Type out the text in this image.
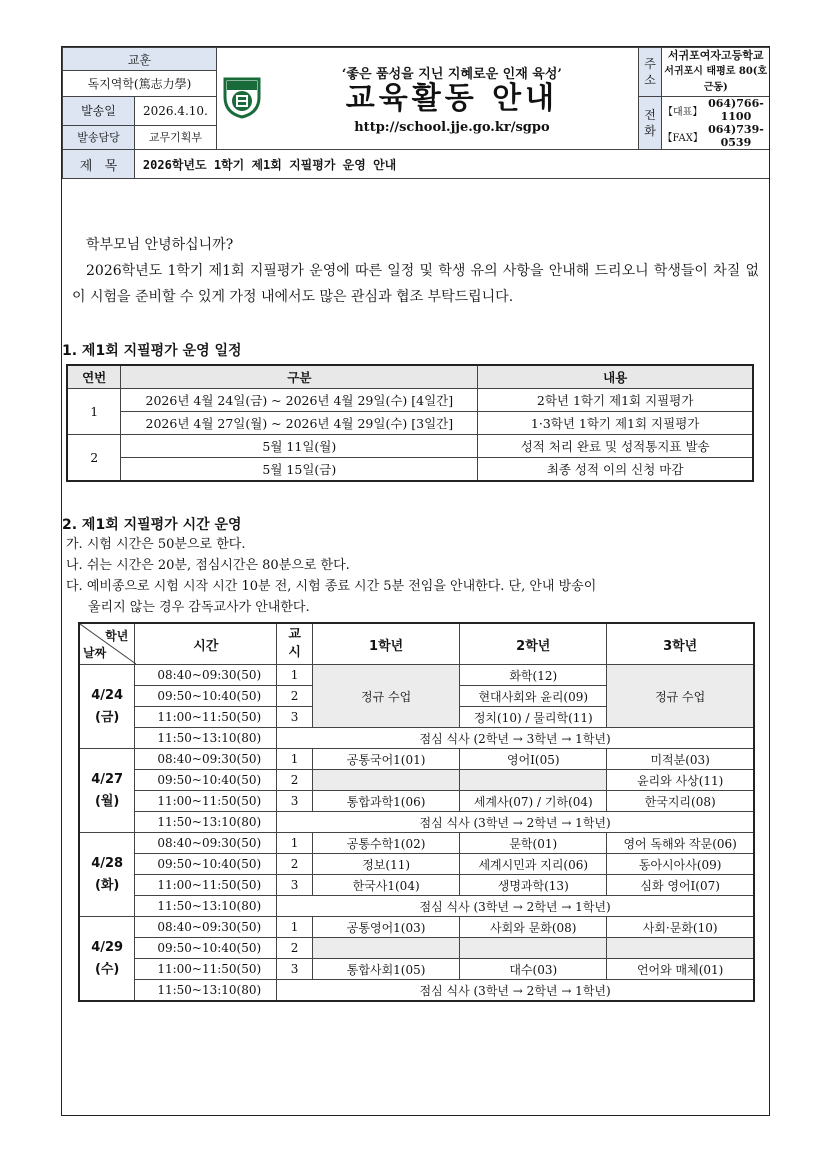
교훈		
‘좋은 품성을 지닌 지혜로운 인재 육성’
교육활동 안내
http://school.jje.go.kr/sgpo
	주 소	
서귀포여자고등학교
서귀포시 태평로 80(호근동)

독지역학(篤志力學)
발송일	2026.4.10.	전 화	
【대표】	064)766-1100
【FAX】	064)739-0539

발송담당	교무기획부
제   목	2026학년도 1학기 제1회 지필평가 운영 안내

학부모님 안녕하십니까?

2026학년도 1학기 제1회 지필평가 운영에 따른 일정 및 학생 유의 사항을 안내해 드리오니 학생들이 차질 없이 시험을 준비할 수 있게 가정 내에서도 많은 관심과 협조 부탁드립니다.

1. 제1회 지필평가 운영 일정
연번	구분	내용
1	2026년 4월 24일(금) ~ 2026년 4월 29일(수) [4일간]	2학년 1학기 제1회 지필평가
	2026년 4월 27일(월) ~ 2026년 4월 29일(수) [3일간]	1·3학년 1학기 제1회 지필평가
2	5월 11일(월)	성적 처리 완료 및 성적통지표 발송
	5월 15일(금)	최종 성적 이의 신청 마감
2. 제1회 지필평가 시간 운영

가. 시험 시간은 50분으로 한다.

나. 쉬는 시간은 20분, 점심시간은 80분으로 한다.

다. 예비종으로 시험 시작 시간 10분 전, 시험 종료 시간 5분 전임을 안내한다. 단, 안내 방송이

울리지 않는 경우 감독교사가 안내한다.

학년
날짜	시간	교시	1학년	2학년	3학년

4/24
(금)	08:40~09:30(50)	1	정규 수업	화학(12)	정규 수업
	09:50~10:40(50)	2		현대사회와 윤리(09)	
	11:00~11:50(50)	3		정치(10) / 물리학(11)	
	11:50~13:10(80)	점심 식사 (2학년 → 3학년 → 1학년)			

4/27
(월)	08:40~09:30(50)	1	공통국어1(01)	영어Ⅰ(05)	미적분(03)
	09:50~10:40(50)	2			윤리와 사상(11)
	11:00~11:50(50)	3	통합과학1(06)	세계사(07) / 기하(04)	한국지리(08)
	11:50~13:10(80)	점심 식사 (3학년 → 2학년 → 1학년)			

4/28
(화)	08:40~09:30(50)	1	공통수학1(02)	문학(01)	영어 독해와 작문(06)
	09:50~10:40(50)	2	정보(11)	세계시민과 지리(06)	동아시아사(09)
	11:00~11:50(50)	3	한국사1(04)	생명과학(13)	심화 영어Ⅰ(07)
	11:50~13:10(80)	점심 식사 (3학년 → 2학년 → 1학년)			

4/29
(수)	08:40~09:30(50)	1	공통영어1(03)	사회와 문화(08)	사회·문화(10)
	09:50~10:40(50)	2			
	11:00~11:50(50)	3	통합사회1(05)	대수(03)	언어와 매체(01)
	11:50~13:10(80)	점심 식사 (3학년 → 2학년 → 1학년)			
